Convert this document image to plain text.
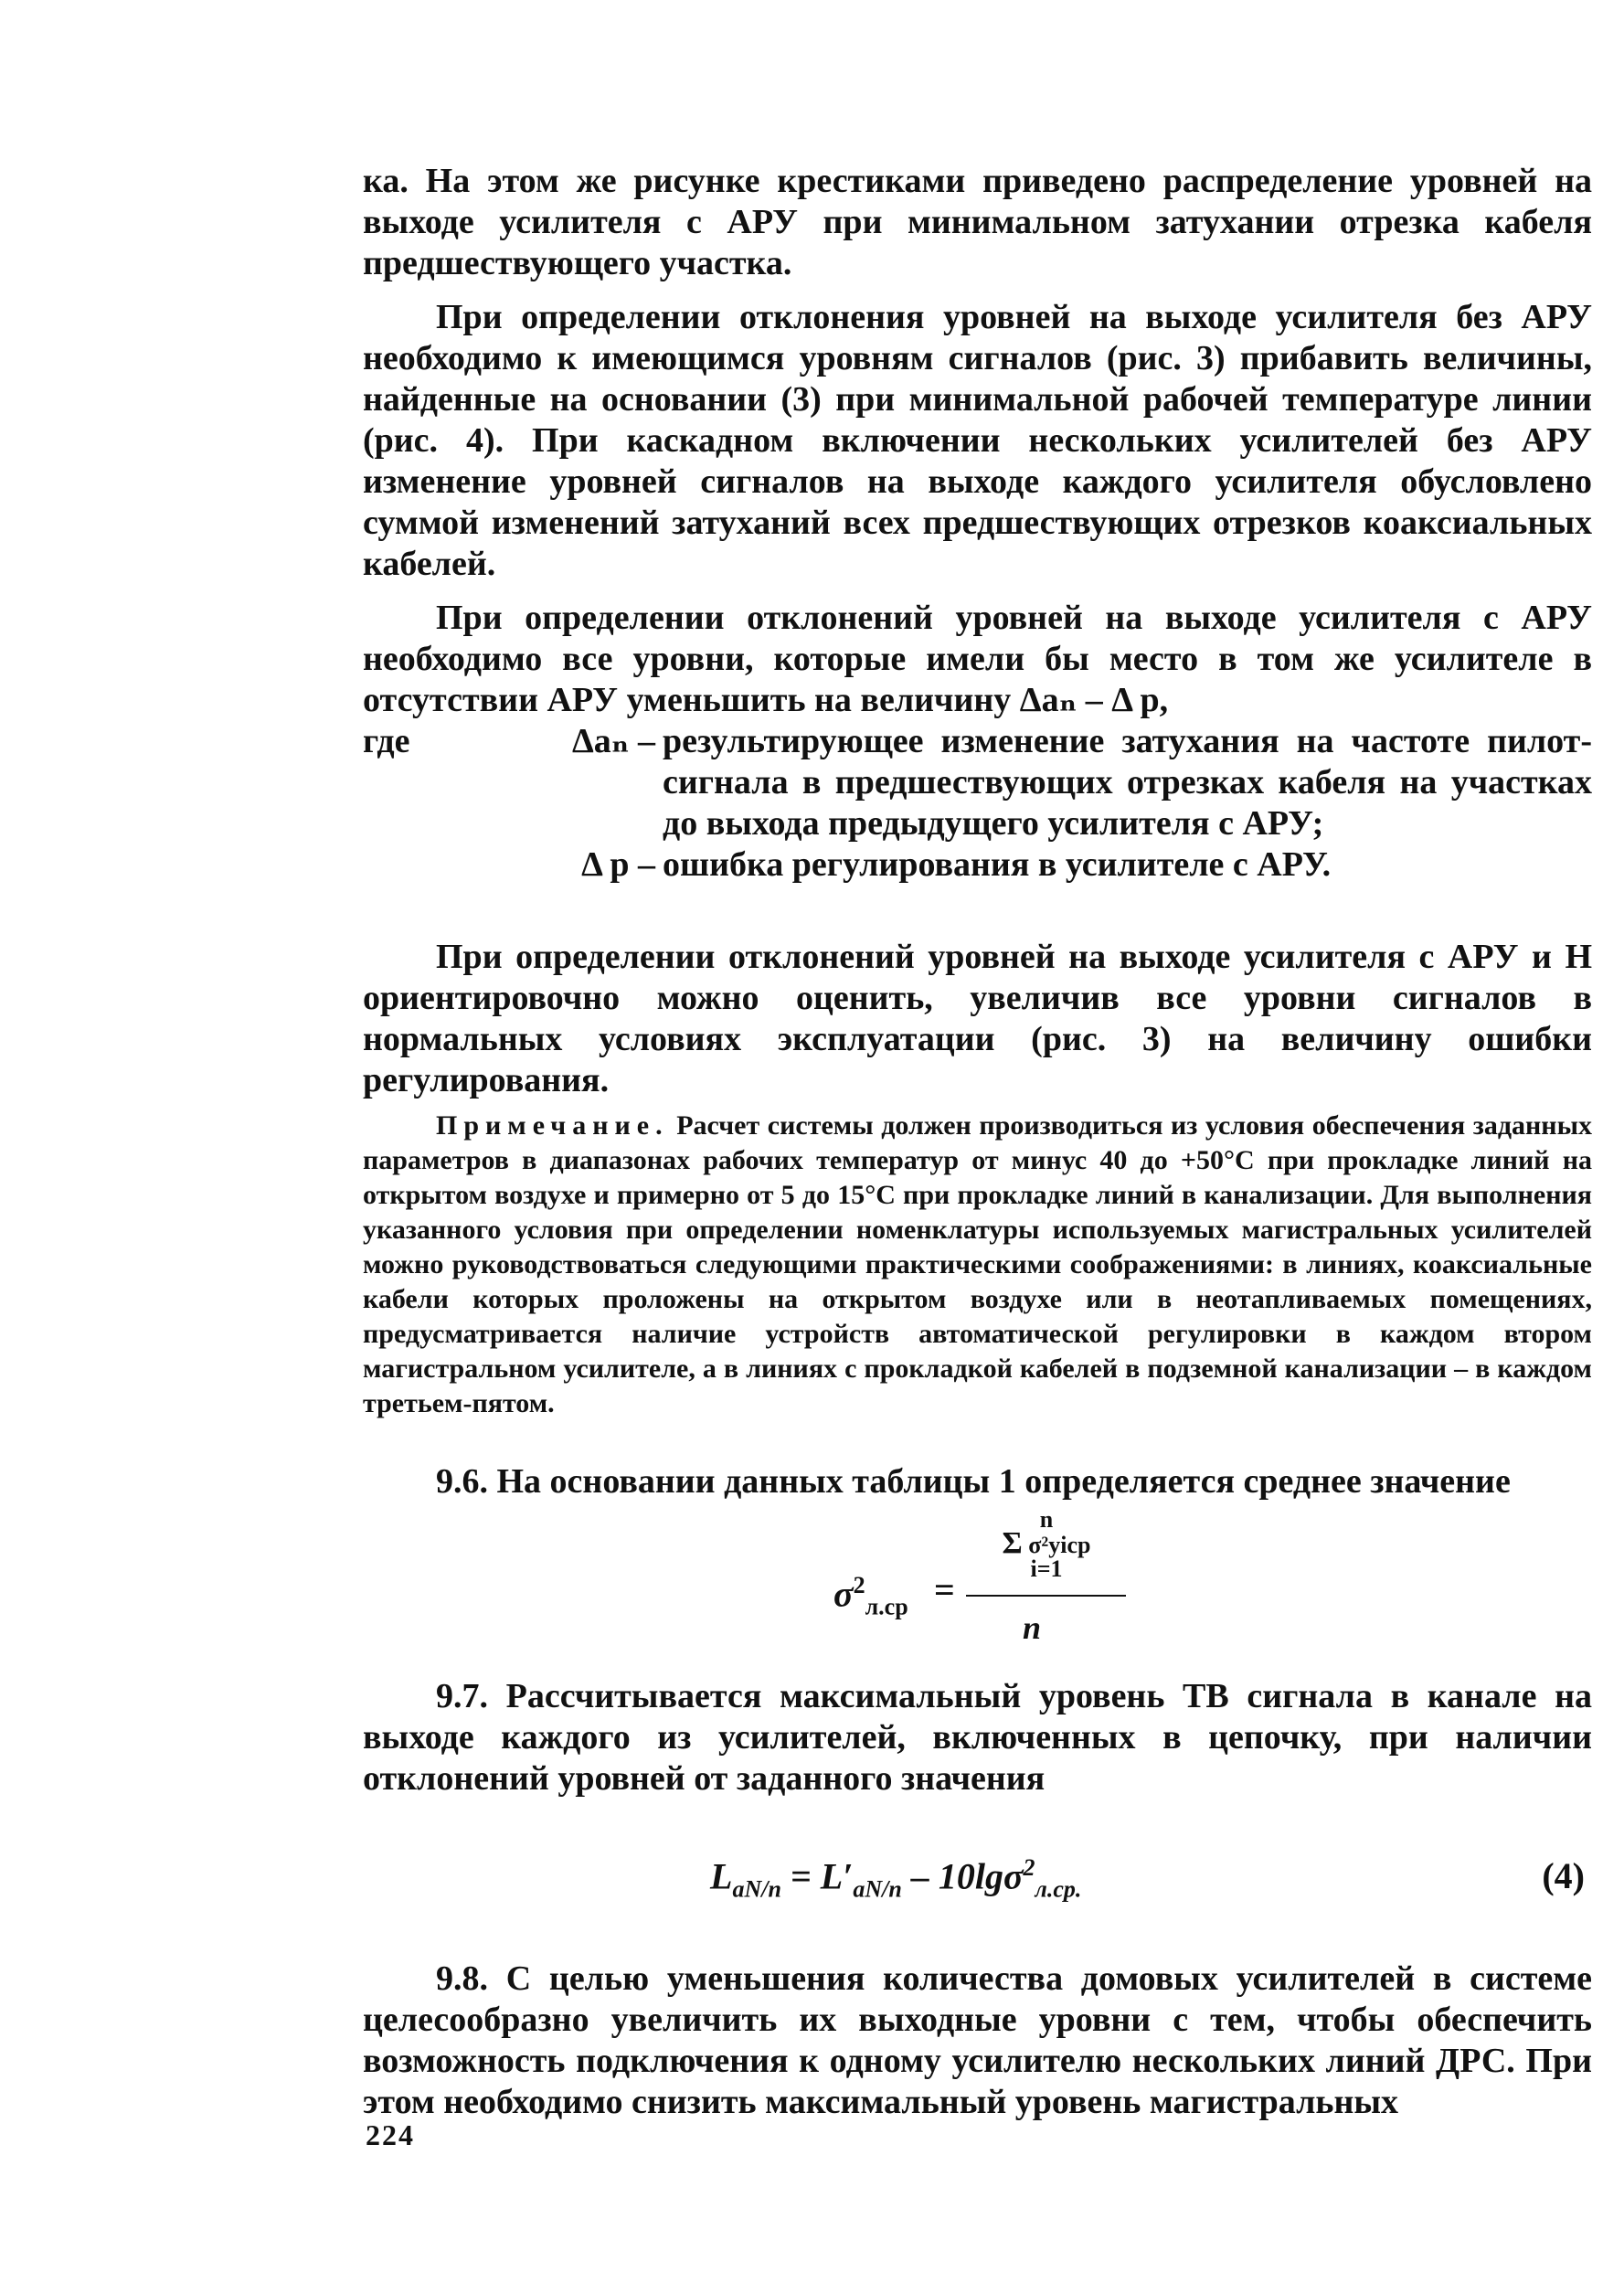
ка. На этом же рисунке крестиками приведено распределение уровней на выходе усилителя с АРУ при минимальном затухании отрезка кабеля предшествующего участка.

При определении отклонения уровней на выходе усилителя без АРУ необходимо к имеющимся уровням сигналов (рис. 3) прибавить величины, найденные на основании (3) при минимальной рабочей температуре линии (рис. 4). При каскадном включении нескольких усилителей без АРУ изменение уровней сигналов на выходе каждого усилителя обусловлено суммой изменений затуханий всех предшествующих отрезков коаксиальных кабелей.

При определении отклонений уровней на выходе усилителя с АРУ необходимо все уровни, которые имели бы место в том же усилителе в отсутствии АРУ уменьшить на величину Δaₙ – Δ p,

где	Δaₙ – результирующее изменение затухания на частоте пилот-сигнала в предшествующих отрезках кабеля на участках до выхода предыдущего усилителя с АРУ;
Δ p – ошибка регулирования в усилителе с АРУ.

При определении отклонений уровней на выходе усилителя с АРУ и Н ориентировочно можно оценить, увеличив все уровни сигналов в нормальных условиях эксплуатации (рис. 3) на величину ошибки регулирования.

Примечание. Расчет системы должен производиться из условия обеспечения заданных параметров в диапазонах рабочих температур от минус 40 до +50°С при прокладке линий на открытом воздухе и примерно от 5 до 15°С при прокладке линий в канализации. Для выполнения указанного условия при определении номенклатуры используемых магистральных усилителей можно руководствоваться следующими практическими соображениями: в линиях, коаксиальные кабели которых проложены на открытом воздухе или в неотапливаемых помещениях, предусматривается наличие устройств автоматической регулировки в каждом втором магистральном усилителе, а в линиях с прокладкой кабелей в подземной канализации – в каждом третьем-пятом.

9.6. На основании данных таблицы 1 определяется среднее значение

$\sigma^2_{л.ср}$ =
n
Σ σ²yіср
i=1
n

9.7. Рассчитывается максимальный уровень ТВ сигнала в канале на выходе каждого из усилителей, включенных в цепочку, при наличии отклонений уровней от заданного значения

$L_{aN/n} = L'_{aN/n} - 10\lg\sigma^2_{л.ср.}$	(4)

9.8. С целью уменьшения количества домовых усилителей в системе целесообразно увеличить их выходные уровни с тем, чтобы обеспечить возможность подключения к одному усилителю нескольких линий ДРС. При этом необходимо снизить максимальный уровень магистральных

224
